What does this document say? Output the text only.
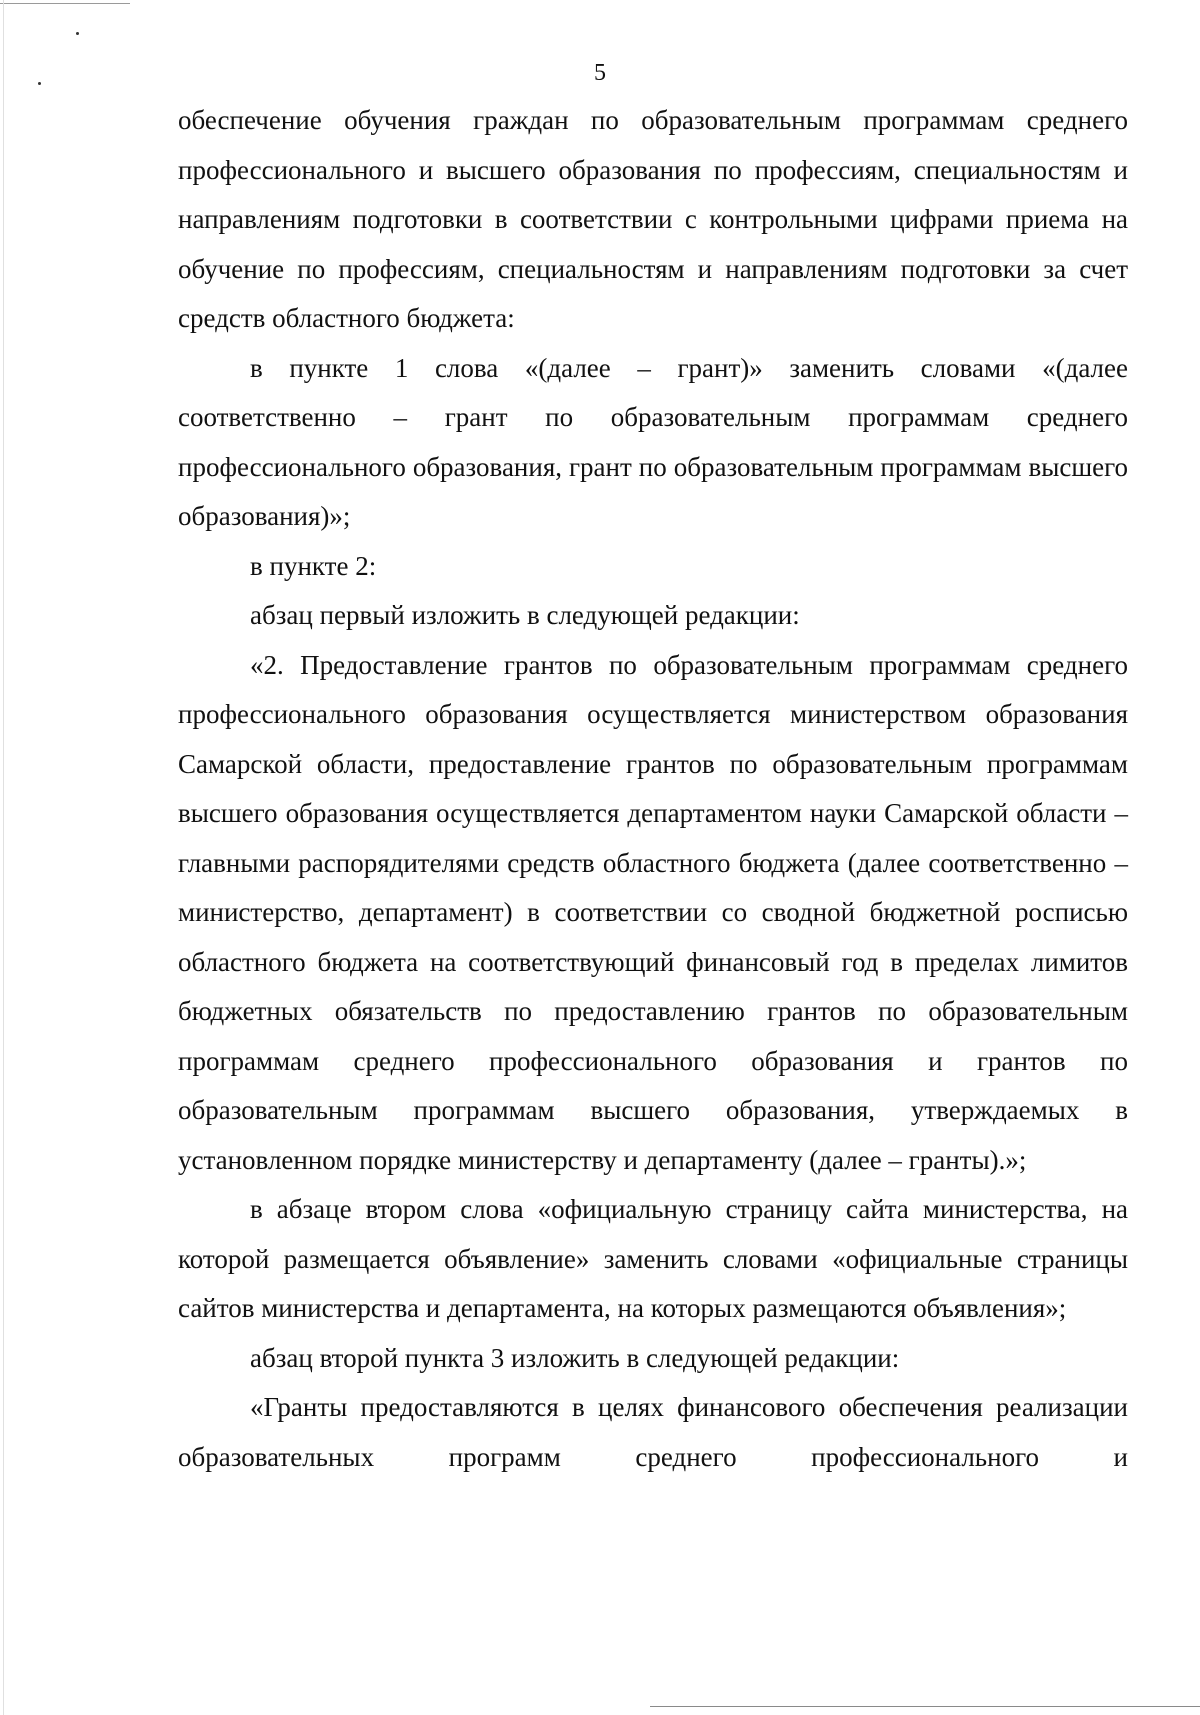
5

обеспечение обучения граждан по образовательным программам среднего профессионального и высшего образования по профессиям, специальностям и направлениям подготовки в соответствии с контрольными цифрами приема на обучение по профессиям, специальностям и направлениям подготовки за счет средств областного бюджета:

в пункте 1 слова «(далее – грант)» заменить словами «(далее соответственно – грант по образовательным программам среднего профессионального образования, грант по образовательным программам высшего образования)»;

в пункте 2:

абзац первый изложить в следующей редакции:

«2. Предоставление грантов по образовательным программам среднего профессионального образования осуществляется министерством образования Самарской области, предоставление грантов по образовательным программам высшего образования осуществляется департаментом науки Самарской области – главными распорядителями средств областного бюджета (далее соответственно – министерство, департамент) в соответствии со сводной бюджетной росписью областного бюджета на соответствующий финансовый год в пределах лимитов бюджетных обязательств по предоставлению грантов по образовательным программам среднего профессионального образования и грантов по образовательным программам высшего образования, утверждаемых в установленном порядке министерству и департаменту (далее – гранты).»;

в абзаце втором слова «официальную страницу сайта министерства, на которой размещается объявление» заменить словами «официальные страницы сайтов министерства и департамента, на которых размещаются объявления»;

абзац второй пункта 3 изложить в следующей редакции:

«Гранты предоставляются в целях финансового обеспечения реализации образовательных программ среднего профессионального и
